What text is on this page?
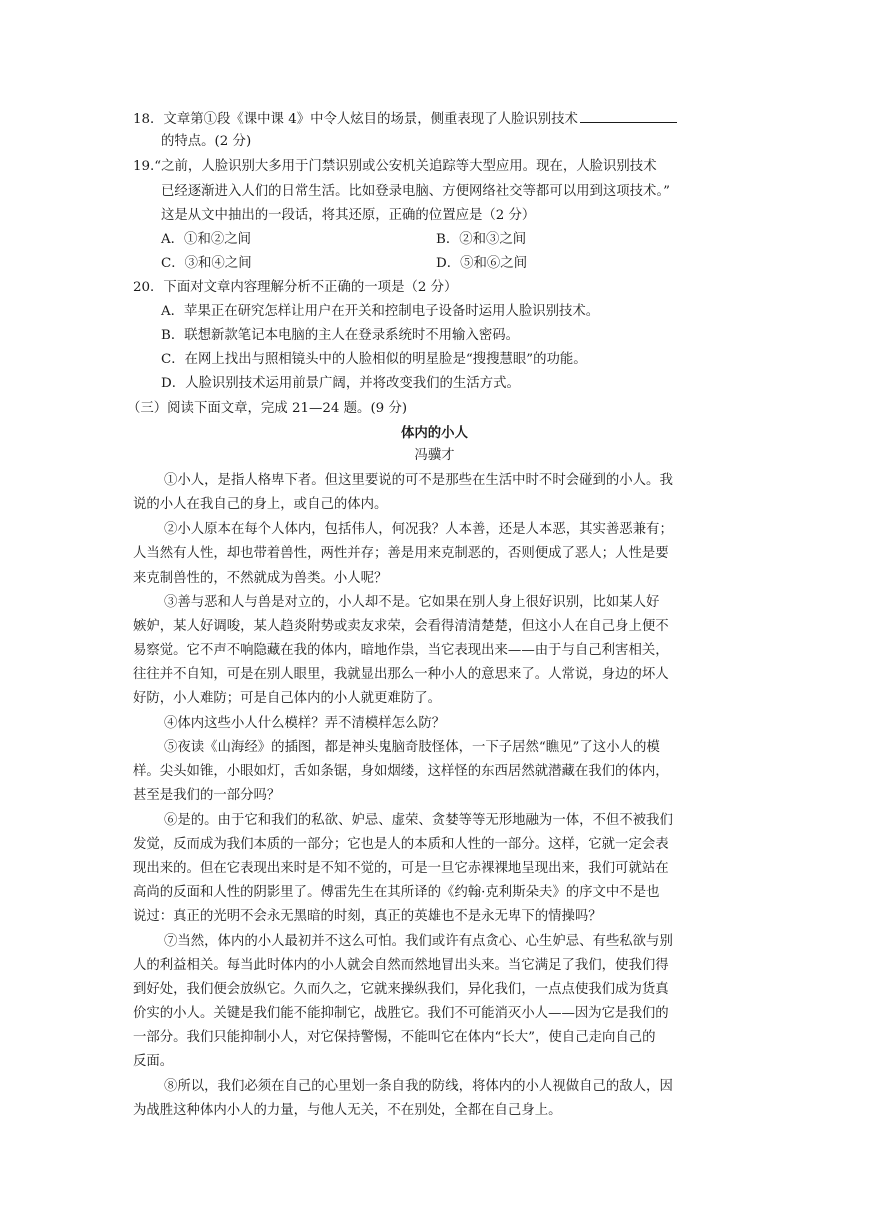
18．文章第①段《课中课 4》中令人炫目的场景，侧重表现了人脸识别技术
的特点。(2 分)
19.“之前，人脸识别大多用于门禁识别或公安机关追踪等大型应用。现在，人脸识别技术
已经逐渐进入人们的日常生活。比如登录电脑、方便网络社交等都可以用到这项技术。”
这是从文中抽出的一段话，将其还原，正确的位置应是（2 分）
A．①和②之间	B．②和③之间
C．③和④之间	D．⑤和⑥之间
20．下面对文章内容理解分析不正确的一项是（2 分）
A．苹果正在研究怎样让用户在开关和控制电子设备时运用人脸识别技术。
B．联想新款笔记本电脑的主人在登录系统时不用输入密码。
C．在网上找出与照相镜头中的人脸相似的明星脸是“搜搜慧眼”的功能。
D．人脸识别技术运用前景广阔，并将改变我们的生活方式。
（三）阅读下面文章，完成 21—24 题。(9 分)
体内的小人
冯骥才
①小人，是指人格卑下者。但这里要说的可不是那些在生活中时不时会碰到的小人。我
说的小人在我自己的身上，或自己的体内。
②小人原本在每个人体内，包括伟人，何况我？人本善，还是人本恶，其实善恶兼有；
人当然有人性，却也带着兽性，两性并存；善是用来克制恶的，否则便成了恶人；人性是要
来克制兽性的，不然就成为兽类。小人呢？
③善与恶和人与兽是对立的，小人却不是。它如果在别人身上很好识别，比如某人好
嫉妒，某人好调唆，某人趋炎附势或卖友求荣，会看得清清楚楚，但这小人在自己身上便不
易察觉。它不声不响隐藏在我的体内，暗地作祟，当它表现出来——由于与自己利害相关，
往往并不自知，可是在别人眼里，我就显出那么一种小人的意思来了。人常说，身边的坏人
好防，小人难防；可是自己体内的小人就更难防了。
④体内这些小人什么模样？弄不清模样怎么防？
⑤夜读《山海经》的插图，都是神头鬼脑奇肢怪体，一下子居然“瞧见”了这小人的模
样。尖头如锥，小眼如灯，舌如条锯，身如烟缕，这样怪的东西居然就潜藏在我们的体内，
甚至是我们的一部分吗？
⑥是的。由于它和我们的私欲、妒忌、虚荣、贪婪等等无形地融为一体，不但不被我们
发觉，反而成为我们本质的一部分；它也是人的本质和人性的一部分。这样，它就一定会表
现出来的。但在它表现出来时是不知不觉的，可是一旦它赤裸裸地呈现出来，我们可就站在
高尚的反面和人性的阴影里了。傅雷先生在其所译的《约翰·克利斯朵夫》的序文中不是也
说过：真正的光明不会永无黑暗的时刻，真正的英雄也不是永无卑下的情操吗？
⑦当然，体内的小人最初并不这么可怕。我们或许有点贪心、心生妒忌、有些私欲与别
人的利益相关。每当此时体内的小人就会自然而然地冒出头来。当它满足了我们，使我们得
到好处，我们便会放纵它。久而久之，它就来操纵我们，异化我们，一点点使我们成为货真
价实的小人。关键是我们能不能抑制它，战胜它。我们不可能消灭小人——因为它是我们的
一部分。我们只能抑制小人，对它保持警惕，不能叫它在体内“长大”，使自己走向自己的
反面。
⑧所以，我们必须在自己的心里划一条自我的防线，将体内的小人视做自己的敌人，因
为战胜这种体内小人的力量，与他人无关，不在别处，全都在自己身上。
